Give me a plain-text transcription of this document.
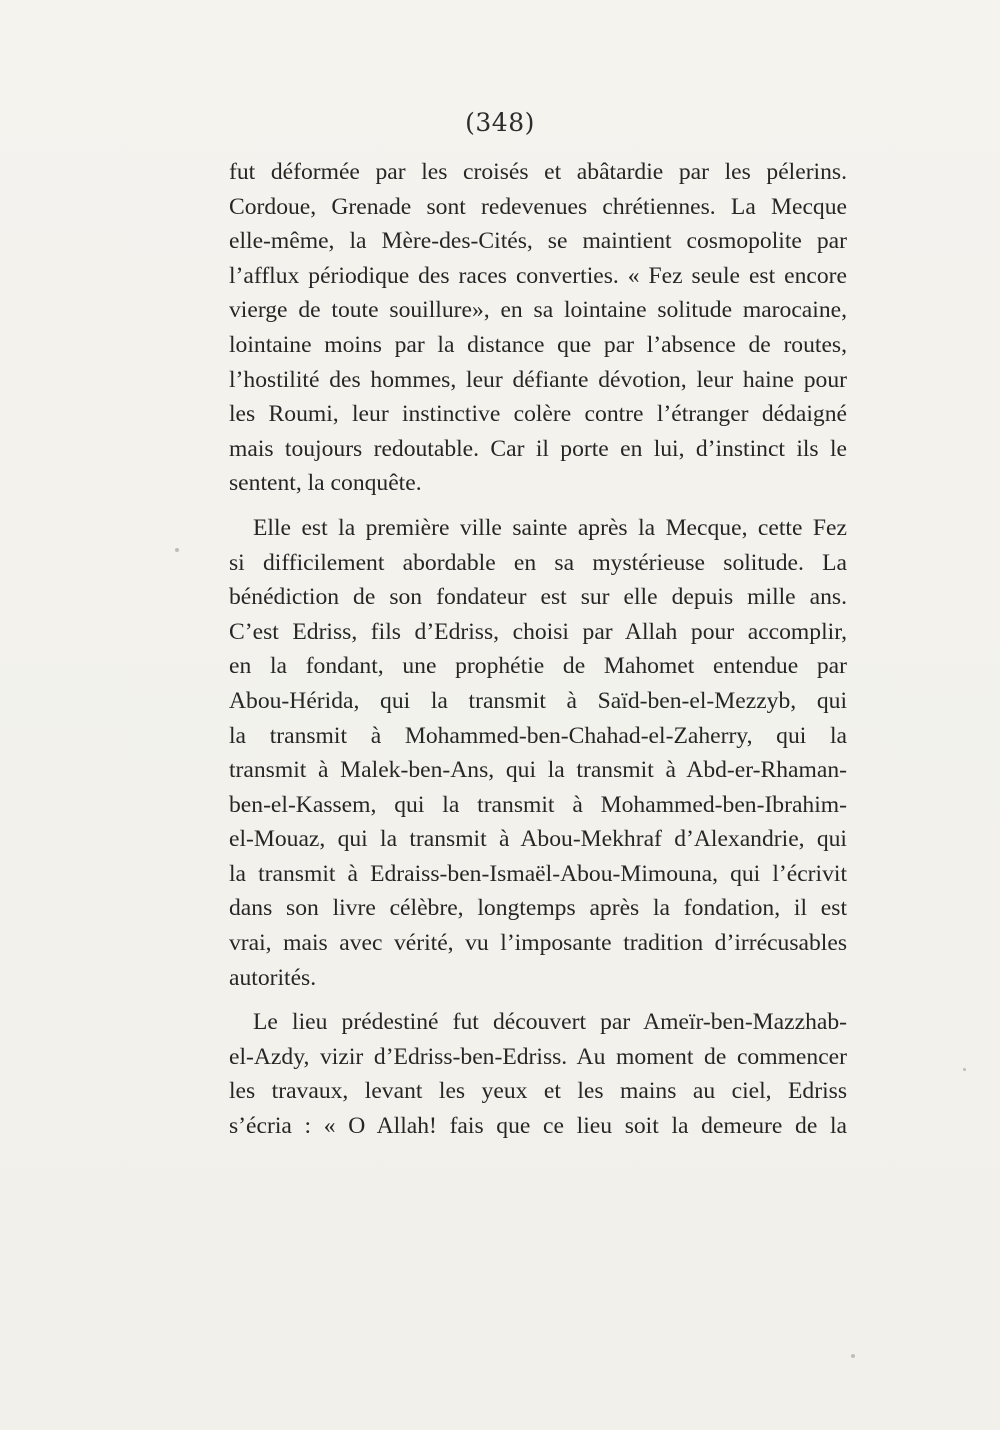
(348)

fut déformée par les croisés et abâtardie par les pélerins.
Cordoue, Grenade sont redevenues chrétiennes. La Mecque
elle-même, la Mère-des-Cités, se maintient cosmopolite par
l’afflux périodique des races converties. « Fez seule est encore
vierge de toute souillure», en sa lointaine solitude marocaine,
lointaine moins par la distance que par l’absence de routes,
l’hostilité des hommes, leur défiante dévotion, leur haine pour
les Roumi, leur instinctive colère contre l’étranger dédaigné
mais toujours redoutable. Car il porte en lui, d’instinct ils le
sentent, la conquête.

Elle est la première ville sainte après la Mecque, cette Fez
si difficilement abordable en sa mystérieuse solitude. La
bénédiction de son fondateur est sur elle depuis mille ans.
C’est Edriss, fils d’Edriss, choisi par Allah pour accomplir,
en la fondant, une prophétie de Mahomet entendue par
Abou-Hérida, qui la transmit à Saïd-ben-el-Mezzyb, qui
la transmit à Mohammed-ben-Chahad-el-Zaherry, qui la
transmit à Malek-ben-Ans, qui la transmit à Abd-er-Rhaman-
ben-el-Kassem, qui la transmit à Mohammed-ben-Ibrahim-
el-Mouaz, qui la transmit à Abou-Mekhraf d’Alexandrie, qui
la transmit à Edraiss-ben-Ismaël-Abou-Mimouna, qui l’écrivit
dans son livre célèbre, longtemps après la fondation, il est
vrai, mais avec vérité, vu l’imposante tradition d’irrécusables
autorités.

Le lieu prédestiné fut découvert par Ameïr-ben-Mazzhab-
el-Azdy, vizir d’Edriss-ben-Edriss. Au moment de commencer
les travaux, levant les yeux et les mains au ciel, Edriss
s’écria : « O Allah! fais que ce lieu soit la demeure de la
